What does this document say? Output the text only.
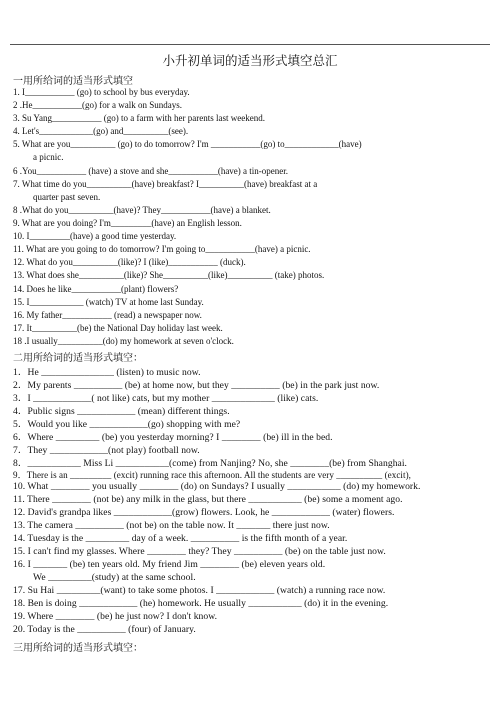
小升初单词的适当形式填空总汇
一用所给词的适当形式填空
1. I___________ (go) to school by bus everyday.
2 .He___________(go) for a walk on Sundays.
3. Su Yang___________ (go) to a farm with her parents last weekend.
4. Let's____________(go) and__________(see).
5. What are you__________ (go) to do tomorrow? I'm ___________(go) to____________(have)
a picnic.
6 .You___________ (have) a stove and she___________(have) a tin-opener.
7. What time do you__________(have) breakfast? I__________(have) breakfast at a
quarter past seven.
8 .What do you__________(have)? They___________(have) a blanket.
9. What are you doing? I'm_________(have) an English lesson.
10. I_________(have) a good time yesterday.
11. What are you going to do tomorrow? I'm going to___________(have) a picnic.
12. What do you__________(like)? I (like)___________ (duck).
13. What does she__________(like)? She__________(like)__________ (take) photos.
14. Does he like___________(plant) flowers?
15. I____________ (watch) TV at home last Sunday.
16. My father___________ (read) a newspaper now.
17. It__________(be) the National Day holiday last week.
18 .I usually__________(do) my homework at seven o'clock.
二用所给词的适当形式填空：
1．He _______________ (listen) to music now.
2．My parents __________ (be) at home now, but they __________ (be) in the park just now.
3．I ____________( not like) cats, but my mother _____________ (like) cats.
4．Public signs ____________ (mean) different things.
5．Would you like ____________(go) shopping with me?
6．Where _________ (be) you yesterday morning? I ________ (be) ill in the bed.
7．They ____________(not play) football now.
8．___________ Miss Li ___________(come) from Nanjing? No, she ________(be) from Shanghai.
9．There is an _________ (excit) running race this afternoon. All the students are very __________ (excit),
10. What ________ you usually ________ (do) on Sundays? I usually ___________ (do) my homework.
11. There ________ (not be) any milk in the glass, but there ___________ (be) some a moment ago.
12. David's grandpa likes ____________(grow) flowers. Look, he ____________ (water) flowers.
13. The camera __________ (not be) on the table now. It _______ there just now.
14. Tuesday is the _________ day of a week. __________ is the fifth month of a year.
15. I can't find my glasses. Where ________ they? They __________ (be) on the table just now.
16. I _______ (be) ten years old. My friend Jim ________ (be) eleven years old.
We _________(study) at the same school.
17. Su Hai _________(want) to take some photos. I ____________ (watch) a running race now.
18. Ben is doing ____________ (he) homework. He usually ___________ (do) it in the evening.
19. Where ________ (be) he just now? I don't know.
20. Today is the __________ (four) of January.
三用所给词的适当形式填空：
